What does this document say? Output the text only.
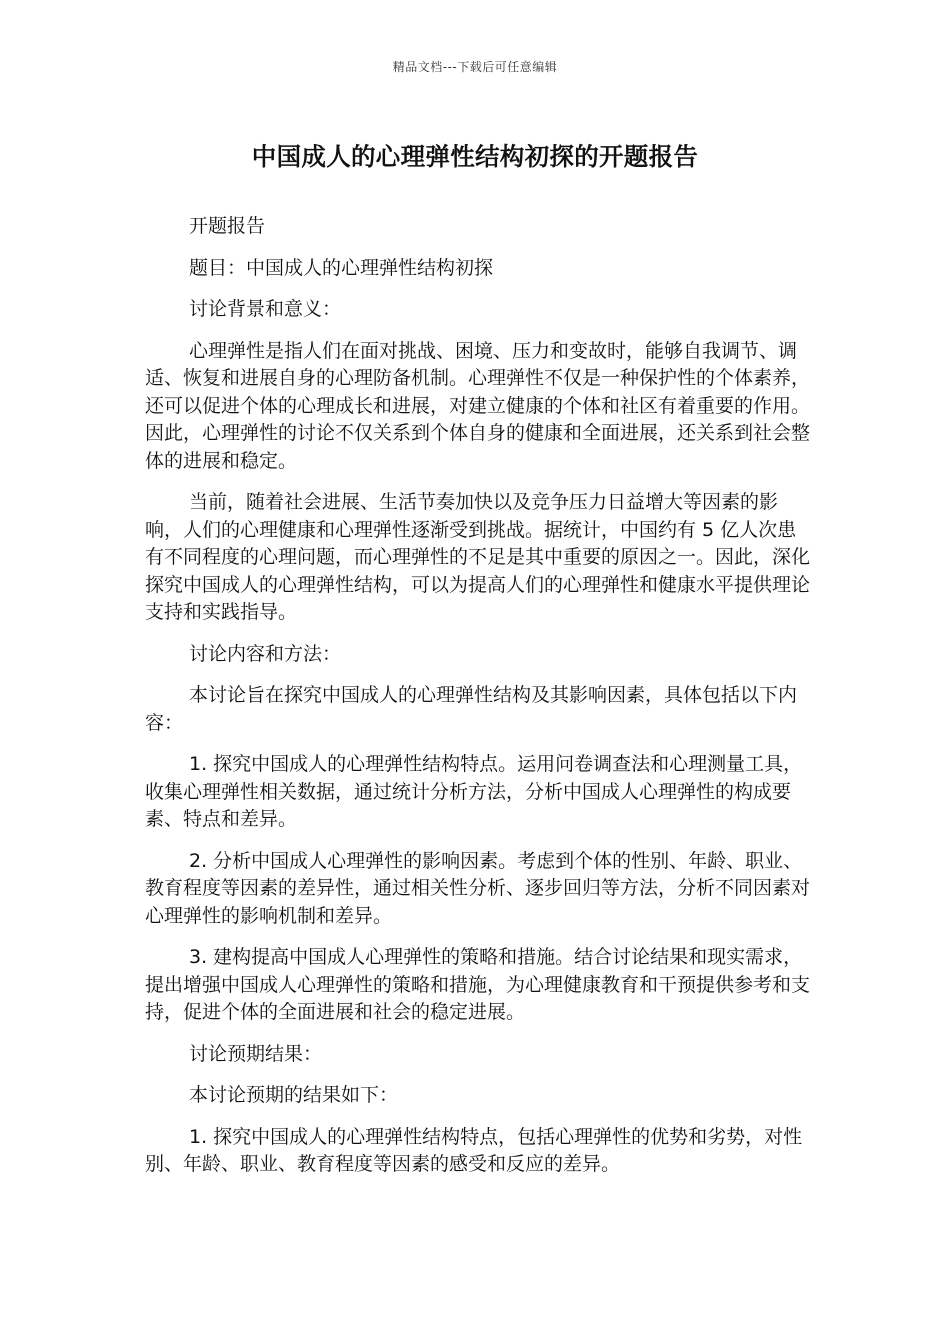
精品文档---下载后可任意编辑
中国成人的心理弹性结构初探的开题报告

开题报告

题目：中国成人的心理弹性结构初探

讨论背景和意义：

心理弹性是指人们在面对挑战、困境、压力和变故时，能够自我调节、调适、恢复和进展自身的心理防备机制。心理弹性不仅是一种保护性的个体素养，还可以促进个体的心理成长和进展，对建立健康的个体和社区有着重要的作用。因此，心理弹性的讨论不仅关系到个体自身的健康和全面进展，还关系到社会整体的进展和稳定。

当前，随着社会进展、生活节奏加快以及竞争压力日益增大等因素的影响，人们的心理健康和心理弹性逐渐受到挑战。据统计，中国约有 5 亿人次患有不同程度的心理问题，而心理弹性的不足是其中重要的原因之一。因此，深化探究中国成人的心理弹性结构，可以为提高人们的心理弹性和健康水平提供理论支持和实践指导。

讨论内容和方法：

本讨论旨在探究中国成人的心理弹性结构及其影响因素，具体包括以下内容：

1. 探究中国成人的心理弹性结构特点。运用问卷调查法和心理测量工具，收集心理弹性相关数据，通过统计分析方法，分析中国成人心理弹性的构成要素、特点和差异。

2. 分析中国成人心理弹性的影响因素。考虑到个体的性别、年龄、职业、教育程度等因素的差异性，通过相关性分析、逐步回归等方法，分析不同因素对心理弹性的影响机制和差异。

3. 建构提高中国成人心理弹性的策略和措施。结合讨论结果和现实需求，提出增强中国成人心理弹性的策略和措施，为心理健康教育和干预提供参考和支持，促进个体的全面进展和社会的稳定进展。

讨论预期结果：

本讨论预期的结果如下：

1. 探究中国成人的心理弹性结构特点，包括心理弹性的优势和劣势，对性别、年龄、职业、教育程度等因素的感受和反应的差异。
